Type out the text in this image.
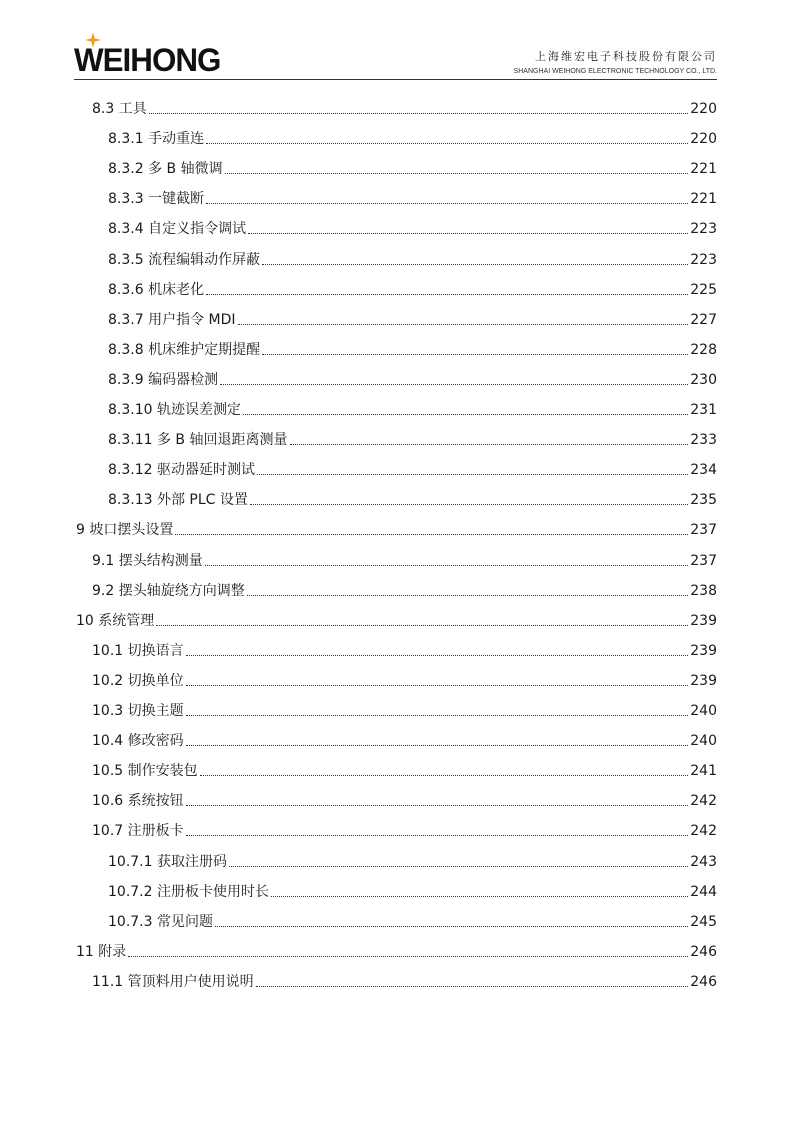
WEIHONG	上海维宏电子科技股份有限公司
SHANGHAI WEIHONG ELECTRONIC TECHNOLOGY CO., LTD.
8.3 工具	220
8.3.1 手动重连	220
8.3.2 多 B 轴微调	221
8.3.3 一键截断	221
8.3.4 自定义指令调试	223
8.3.5 流程编辑动作屏蔽	223
8.3.6 机床老化	225
8.3.7 用户指令 MDI	227
8.3.8 机床维护定期提醒	228
8.3.9 编码器检测	230
8.3.10 轨迹误差测定	231
8.3.11 多 B 轴回退距离测量	233
8.3.12 驱动器延时测试	234
8.3.13 外部 PLC 设置	235
9 坡口摆头设置	237
9.1 摆头结构测量	237
9.2 摆头轴旋绕方向调整	238
10 系统管理	239
10.1 切换语言	239
10.2 切换单位	239
10.3 切换主题	240
10.4 修改密码	240
10.5 制作安装包	241
10.6 系统按钮	242
10.7 注册板卡	242
10.7.1 获取注册码	243
10.7.2 注册板卡使用时长	244
10.7.3 常见问题	245
11 附录	246
11.1 管顶料用户使用说明	246
